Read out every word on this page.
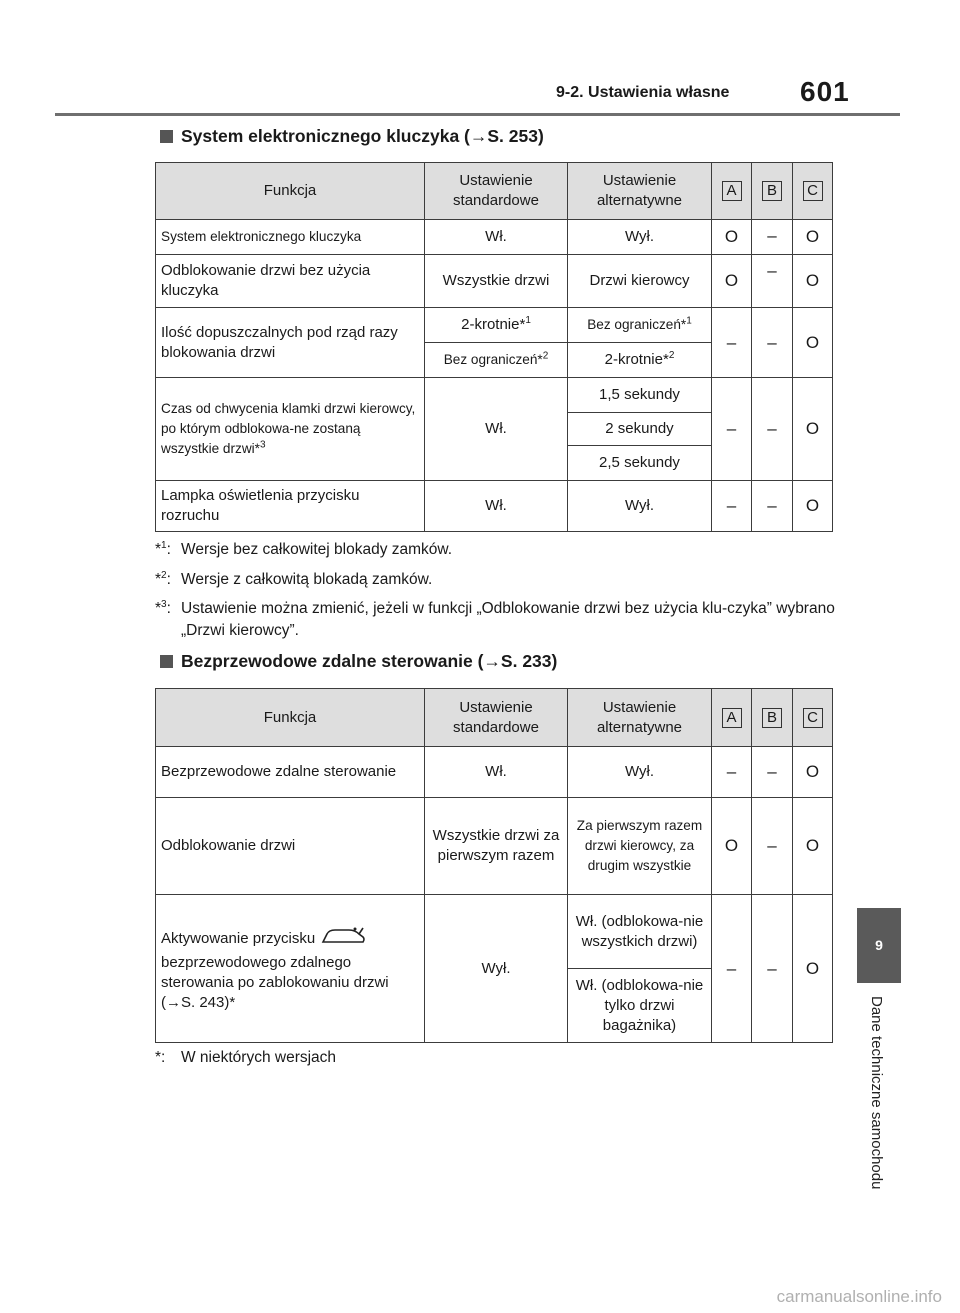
9-2. Ustawienia własne	601
System elektronicznego kluczyka (→S. 253)
Funkcja	Ustawienie standardowe	Ustawienie alternatywne	A	B	C
System elektronicznego kluczyka	Wł.	Wył.	O	–	O
Odblokowanie drzwi bez użycia kluczyka	Wszystkie drzwi	Drzwi kierowcy	O	–	O
Ilość dopuszczalnych pod rząd razy blokowania drzwi	2-krotnie*$^1$	Bez ograniczeń*$^1$	–	–	O
	Bez ograniczeń*$^2$	2-krotnie*$^2$
Czas od chwycenia klamki drzwi kierowcy, po którym odblokowa-ne zostaną wszystkie drzwi*$^3$	Wł.	1,5 sekundy	–	–	O
		2 sekundy			
		2,5 sekundy			
Lampka oświetlenia przycisku rozruchu	Wł.	Wył.	–	–	O
*$^1$: Wersje bez całkowitej blokady zamków.
*$^2$: Wersje z całkowitą blokadą zamków.
*$^3$: Ustawienie można zmienić, jeżeli w funkcji „Odblokowanie drzwi bez użycia klu-czyka” wybrano „Drzwi kierowcy”.
Bezprzewodowe zdalne sterowanie (→S. 233)
Funkcja	Ustawienie standardowe	Ustawienie alternatywne	A	B	C
Bezprzewodowe zdalne sterowanie	Wł.	Wył.	–	–	O
Odblokowanie drzwi	Wszystkie drzwi za pierwszym razem	Za pierwszym razem drzwi kierowcy, za drugim wszystkie	O	–	O
Aktywowanie przycisku
bezprzewodowego zdalnego sterowania po zablokowaniu drzwi (→S. 243)*	Wył.	Wł. (odblokowa-nie wszystkich drzwi)	–	–	O
		Wł. (odblokowa-nie tylko drzwi bagażnika)			
*: W niektórych wersjach
9
Dane techniczne samochodu
carmanualsonline.info
